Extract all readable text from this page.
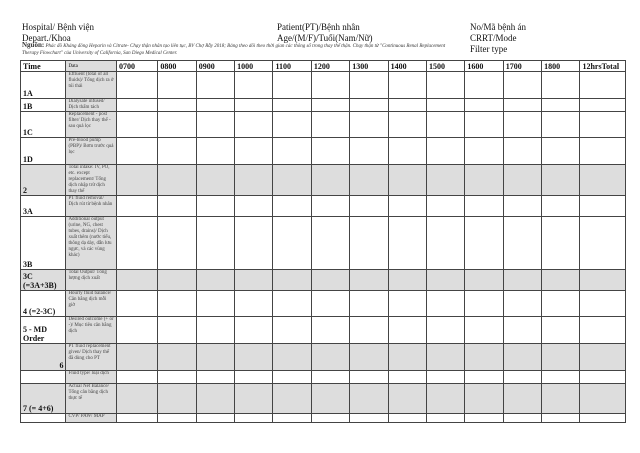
Hospital/ Bệnh viện
Depart./Khoa
Patient(PT)/Bệnh nhân
Age/(M/F)/Tuổi(Nam/Nữ)
No/Mã bệnh án
CRRT/Mode
Filter type
Nguồn: Phác đồ Kháng đông Heparin và Citrate- Chạy thận nhân tạo liên tục, BV Chợ Rẫy 2018; Bảng theo dõi theo thời gian các thông số trong thay thế thận. Chạy thận từ "Continuous Renal Replacement Therapy Flowchart" của University of California, San Diego Medical Center.
Time	Data	0700	0800	0900	1000	1100	1200	1300	1400	1500	1600	1700	1800	12hrsTotal
1A	Effluent (total of all fluids)/ Tổng dịch ra ở túi thải													
1B	Dialysate infused/ Dịch thẩm tách													
1C	Replacement - post filter/ Dịch thay thế - sau quả lọc													
1D	Pre-blood pump (PBP)/ Bơm trước quả lọc													
2	Total intake: IV, PO, etc. except replacement/ Tổng dịch nhập trừ dịch thay thế													
3A	PT fluid removal/ Dịch rút từ bệnh nhân													
3B	Additional output (urine, NG, chest tubes, drains)/ Dịch xuất thêm (nước tiểu, thông dạ dày, dẫn lưu ngực, và các vùng khác)													
3C (=3A+3B)	Total Output/ Tổng lượng dịch xuất													
4 (=2-3C)	Hourly fluid balance/ Cân bằng dịch mỗi giờ													
5 - MD Order	Desired outcome (+ or -)/ Mục tiêu cân bằng dịch													
6	PT fluid replacement given/ Dịch thay thế đã dùng cho PT													
	Fluid type/ loại dịch													
7 (= 4+6)	Actual Net Balance/ Tổng cân bằng dịch thực tế													
	CVP/ PAW/ MAP													
